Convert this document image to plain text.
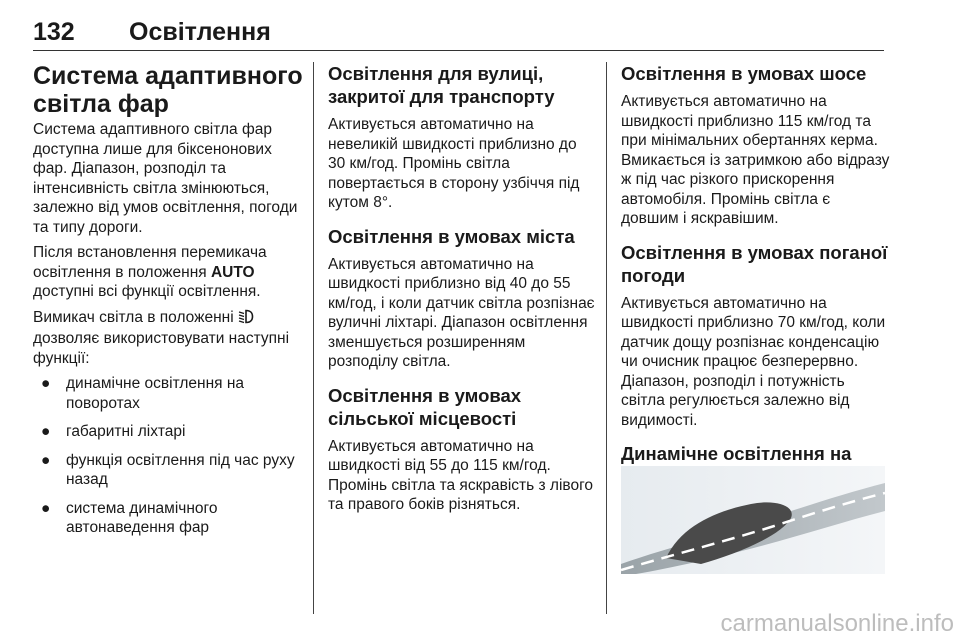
132 Освітлення
Система адаптивного світла фар

Система адаптивного світла фар доступна лише для біксенонових фар. Діапазон, розподіл та інтенсивність світла змінюються, залежно від умов освітлення, погоди та типу дороги.

Після встановлення перемикача освітлення в положення AUTO доступні всі функції освітлення.

Вимикач світла в положенні  дозволяє використовувати наступні функції:

● динамічне освітлення на поворотах
● габаритні ліхтарі
● функція освітлення під час руху назад
● система динамічного автонаведення фар
Освітлення для вулиці, закритої для транспорту

Активується автоматично на невеликій швидкості приблизно до 30 км/год. Промінь світла повертається в сторону узбіччя під кутом 8°.

Освітлення в умовах міста

Активується автоматично на швидкості приблизно від 40 до 55 км/год, і коли датчик світла розпізнає вуличні ліхтарі. Діапазон освітлення зменшується розширенням розподілу світла.

Освітлення в умовах сільської місцевості

Активується автоматично на швидкості від 55 до 115 км/год. Промінь світла та яскравість з лівого та правого боків різняться.

Освітлення в умовах шосе

Активується автоматично на швидкості приблизно 115 км/год та при мінімальних обертаннях керма. Вмикається із затримкою або відразу ж під час різкого прискорення автомобіля. Промінь світла є довшим і яскравішим.

Освітлення в умовах поганої погоди

Активується автоматично на швидкості приблизно 70 км/год, коли датчик дощу розпізнає конденсацію чи очисник працює безперервно. Діапазон, розподіл і потужність світла регулюється залежно від видимості.

Динамічне освітлення на
carmanualsonline.info
